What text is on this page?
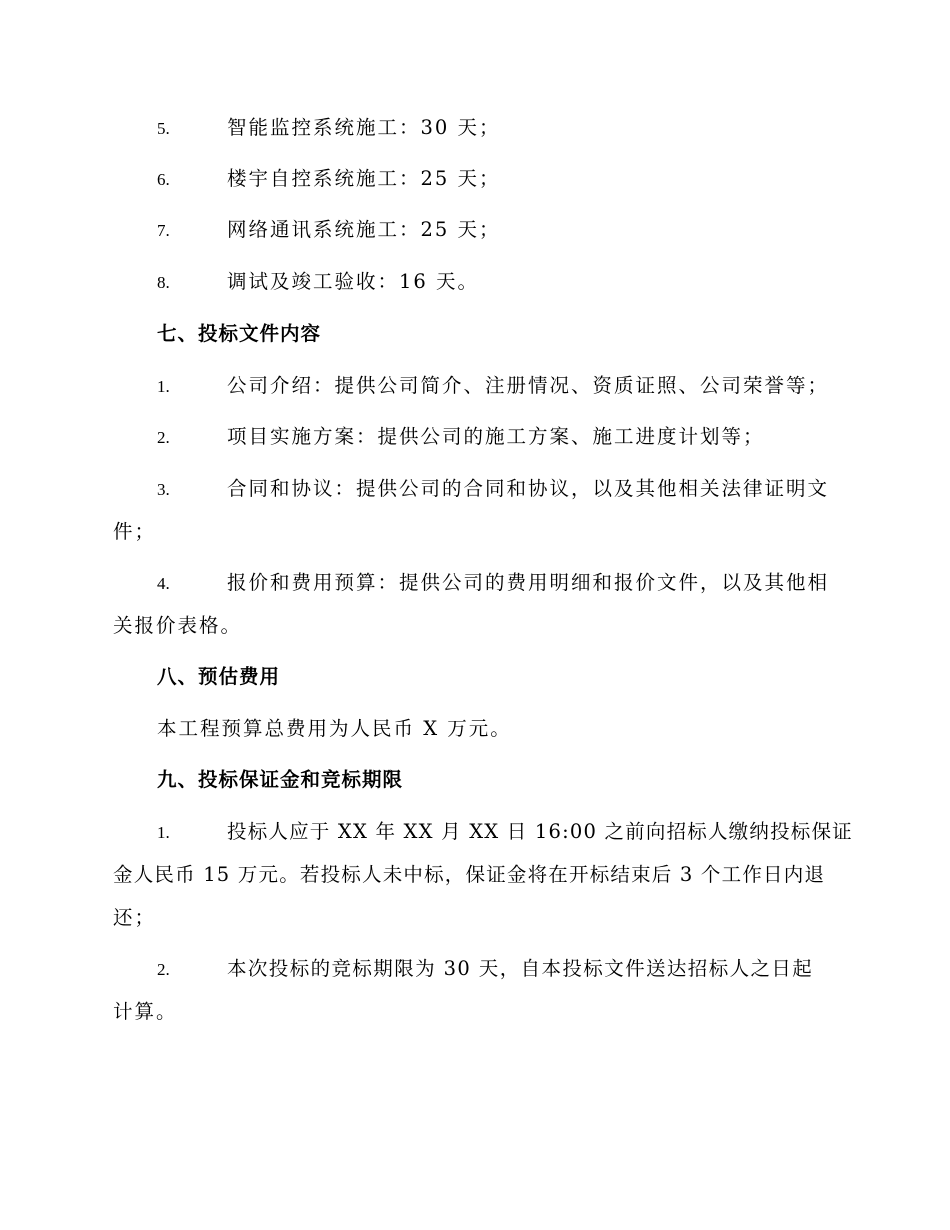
5.	智能监控系统施工：30 天；
6.	楼宇自控系统施工：25 天；
7.	网络通讯系统施工：25 天；
8.	调试及竣工验收：16 天。
七、投标文件内容
1.	公司介绍：提供公司简介、注册情况、资质证照、公司荣誉等；
2.	项目实施方案：提供公司的施工方案、施工进度计划等；
3.	合同和协议：提供公司的合同和协议，以及其他相关法律证明文
件；
4.	报价和费用预算：提供公司的费用明细和报价文件，以及其他相
关报价表格。
八、预估费用
本工程预算总费用为人民币 X 万元。
九、投标保证金和竞标期限
1.	投标人应于 XX 年 XX 月 XX 日 16:00 之前向招标人缴纳投标保证
金人民币 15 万元。若投标人未中标，保证金将在开标结束后 3 个工作日内退
还；
2.	本次投标的竞标期限为 30 天，自本投标文件送达招标人之日起
计算。
